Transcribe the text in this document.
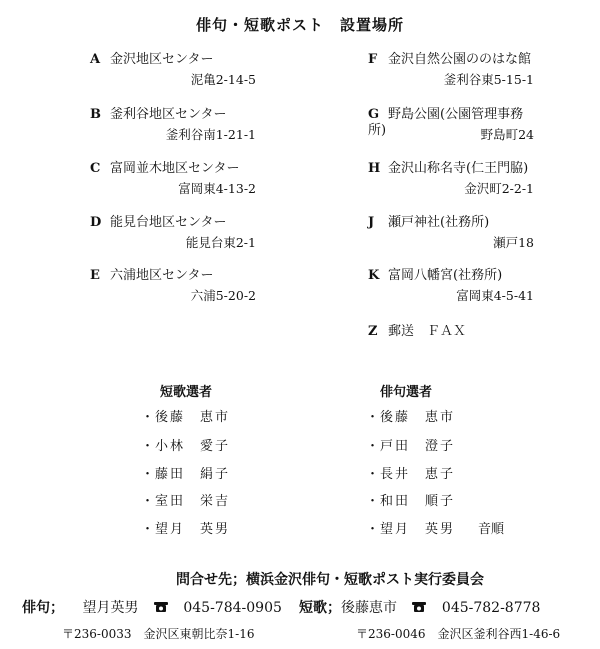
俳句・短歌ポスト　設置場所
A 金沢地区センター
泥亀2-14-5
B 釜利谷地区センター
釜利谷南1-21-1
C 富岡並木地区センター
富岡東4-13-2
D 能見台地区センター
能見台東2-1
E 六浦地区センター
六浦5-20-2
F 金沢自然公園ののはな館
釜利谷東5-15-1
G 野島公園(公園管理事務所)	野島町24
H 金沢山称名寺(仁王門脇)
金沢町2-2-1
J 瀬戸神社(社務所)
瀬戸18
K 富岡八幡宮(社務所)
富岡東4-5-41
Z 郵送　ＦＡＸ
短歌選者
・後藤　恵市
・小林　愛子
・藤田　絹子
・室田　栄吉
・望月　英男
俳句選者
・後藤　恵市
・戸田　澄子
・長井　恵子
・和田　順子
・望月　英男 音順
問合せ先；横浜金沢俳句・短歌ポスト実行委員会
俳句； 望月英男	045-784-0905 短歌；後藤恵市	045-782-8778
〒236-0033　金沢区東朝比奈1-16	〒236-0046　金沢区釜利谷西1-46-6
